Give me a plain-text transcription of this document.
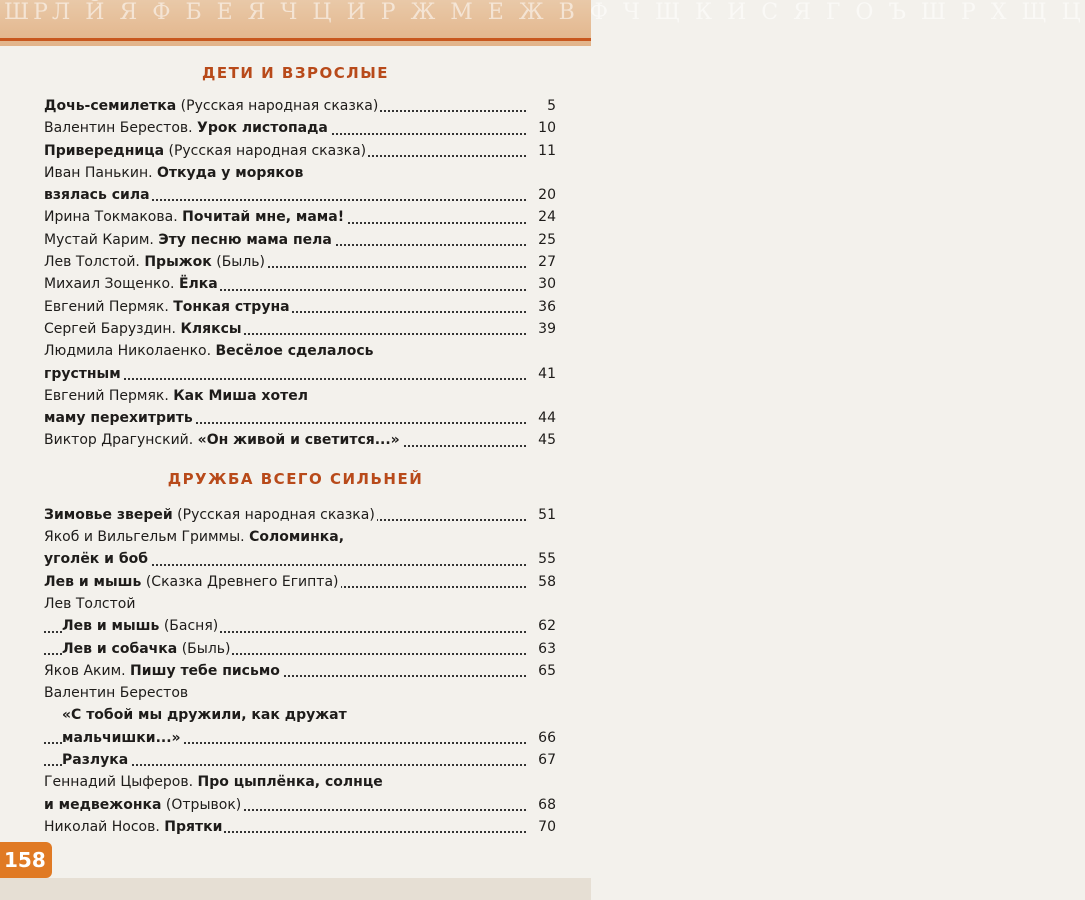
ШРЛ Й Я Ф Б Е Я Ч Ц И Р Ж М Е Ж В Ф Ч Щ К И С Я Г О Ъ Ш Р Х Щ Ц
ДЕТИ И ВЗРОСЛЫЕ
ДРУЖБА ВСЕГО СИЛЬНЕЙ
Дочь-семилетка (Русская народная сказка)	5
Валентин Берестов. Урок листопада	10
Привередница (Русская народная сказка)	11
Иван Панькин. Откуда у моряков
взялась сила	20
Ирина Токмакова. Почитай мне, мама!	24
Мустай Карим. Эту песню мама пела	25
Лев Толстой. Прыжок (Быль)	27
Михаил Зощенко. Ёлка	30
Евгений Пермяк. Тонкая струна	36
Сергей Баруздин. Кляксы	39
Людмила Николаенко. Весёлое сделалось
грустным	41
Евгений Пермяк. Как Миша хотел
маму перехитрить	44
Виктор Драгунский. «Он живой и светится...»	45
Зимовье зверей (Русская народная сказка)	51
Якоб и Вильгельм Гриммы. Соломинка,
уголёк и боб	55
Лев и мышь (Сказка Древнего Египта)	58
Лев Толстой
Лев и мышь (Басня)	62
Лев и собачка (Быль)	63
Яков Аким. Пишу тебе письмо	65
Валентин Берестов
«С тобой мы дружили, как дружат
мальчишки...»	66
Разлука	67
Геннадий Цыферов. Про цыплёнка, солнце
и медвежонка (Отрывок)	68
Николай Носов. Прятки	70
158
